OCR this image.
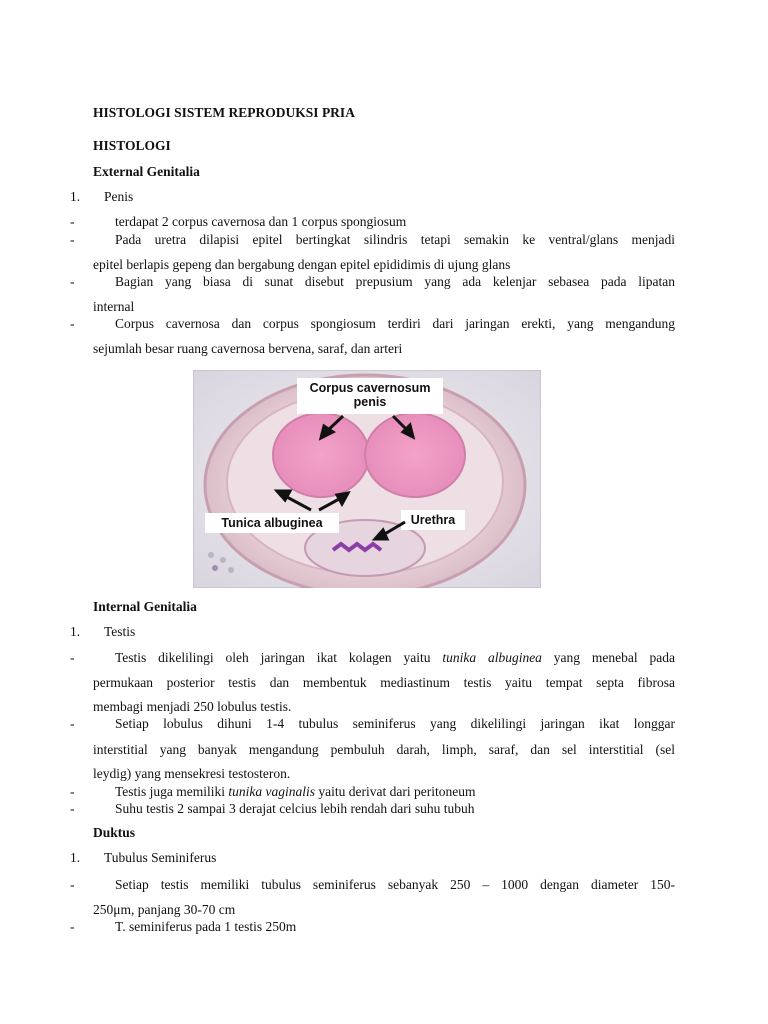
HISTOLOGI SISTEM REPRODUKSI PRIA
HISTOLOGI
External Genitalia
1. Penis
-	terdapat 2 corpus cavernosa dan 1 corpus spongiosum
-	Pada uretra dilapisi epitel bertingkat silindris tetapi semakin ke ventral/glans menjadi
epitel berlapis gepeng dan bergabung dengan epitel epididimis di ujung glans
-	Bagian yang biasa di sunat disebut prepusium yang ada kelenjar sebasea pada lipatan
internal
-	Corpus cavernosa dan corpus spongiosum terdiri dari jaringan erekti, yang mengandung
sejumlah besar ruang cavernosa bervena, saraf, dan arteri
Corpus cavernosum
penis
Tunica albuginea	Urethra
Internal Genitalia
1. Testis
-	Testis dikelilingi oleh jaringan ikat kolagen yaitu tunika albuginea yang menebal pada
permukaan posterior testis dan membentuk mediastinum testis yaitu tempat septa fibrosa
membagi menjadi 250 lobulus testis.
-	Setiap lobulus dihuni 1-4 tubulus seminiferus yang dikelilingi jaringan ikat longgar
interstitial yang banyak mengandung pembuluh darah, limph, saraf, dan sel interstitial (sel
leydig) yang mensekresi testosteron.
-	Testis juga memiliki tunika vaginalis yaitu derivat dari peritoneum
-	Suhu testis 2 sampai 3 derajat celcius lebih rendah dari suhu tubuh
Duktus
1. Tubulus Seminiferus
-	Setiap testis memiliki tubulus seminiferus sebanyak 250 – 1000 dengan diameter 150-
250μm, panjang 30-70 cm
-	T. seminiferus pada 1 testis 250m
